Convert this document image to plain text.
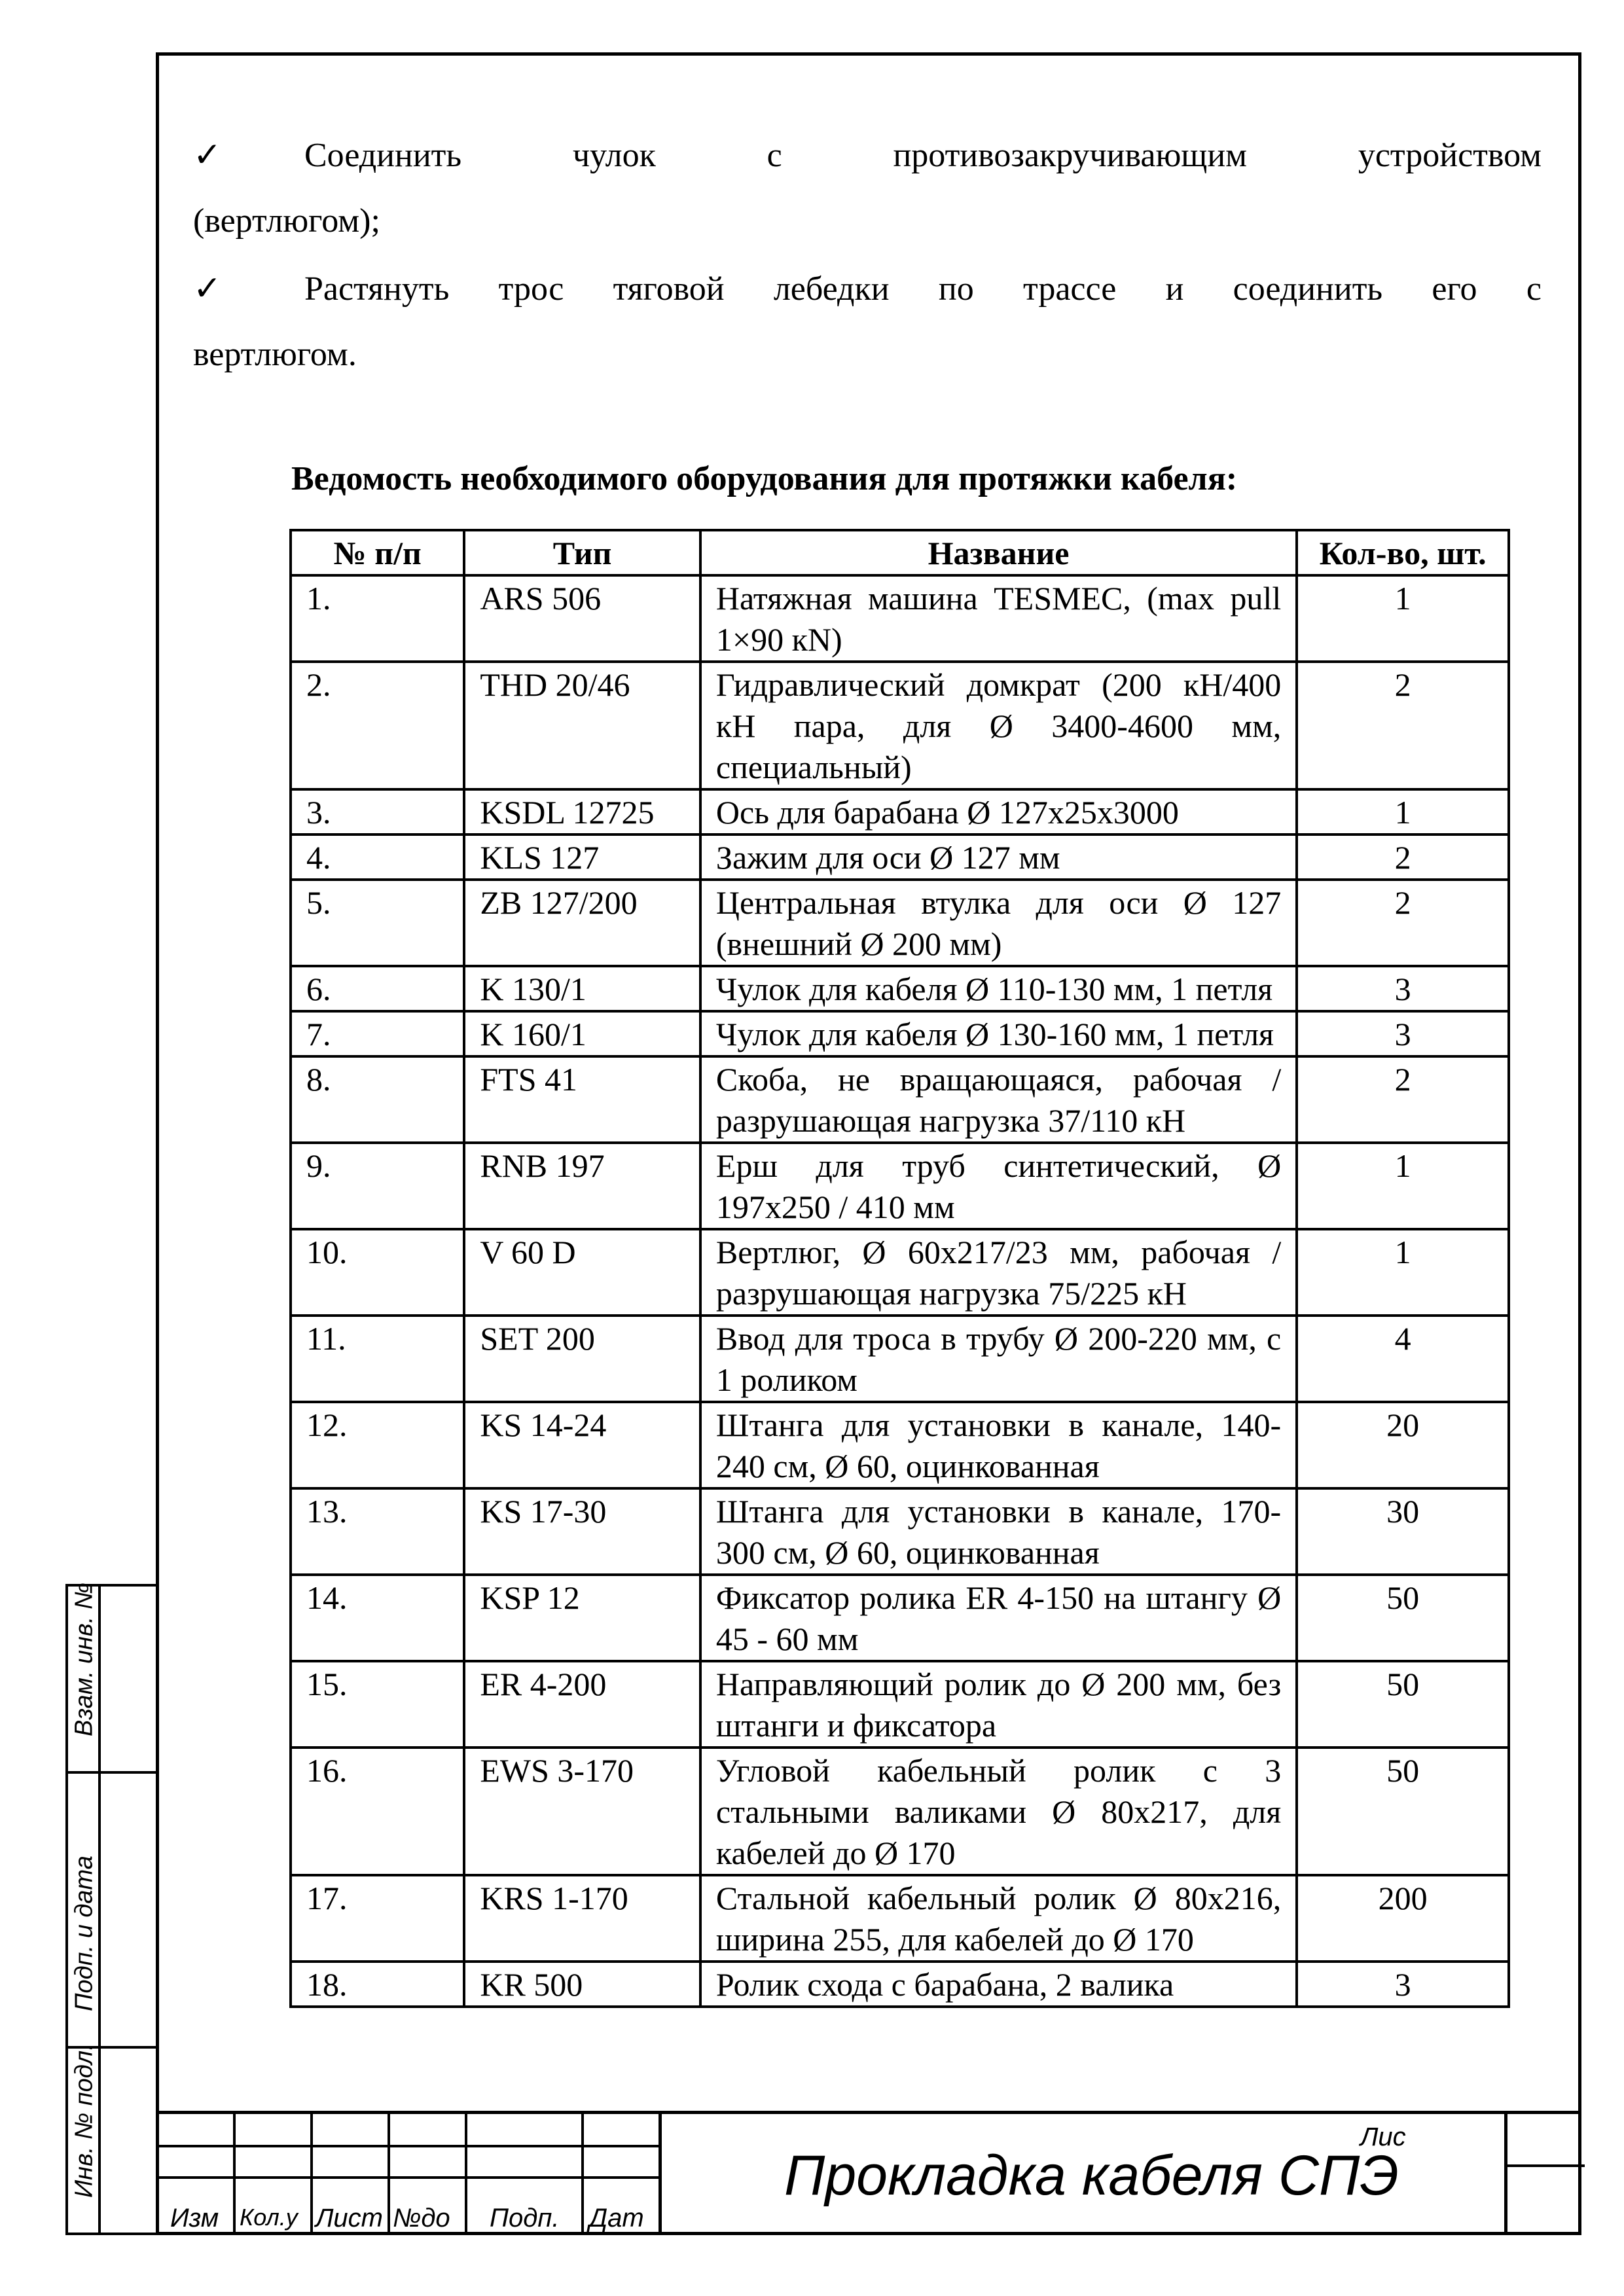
Взам. инв. №
Подп. и дата
Инв. № подл.
✓	Соединить	чулок	с	противозакручивающим	устройством
(вертлюгом);
✓	Растянуть трос тяговой лебедки по трассе и соединить его с
вертлюгом.
Ведомость необходимого оборудования для протяжки кабеля:
№ п/п	Тип	Название	Кол-во, шт.
1.	ARS 506	Натяжная машина TESMEC, (max pull 1×90 кN)	1
2.	THD 20/46	Гидравлический домкрат (200 кН/400 кН пара, для Ø 3400-4600 мм, специальный)	2
3.	KSDL 12725	Ось для барабана Ø 127x25x3000	1
4.	KLS 127	Зажим для оси Ø 127 мм	2
5.	ZB 127/200	Центральная втулка для оси Ø 127 (внешний Ø 200 мм)	2
6.	K 130/1	Чулок для кабеля Ø 110-130 мм, 1 петля	3
7.	K 160/1	Чулок для кабеля Ø 130-160 мм, 1 петля	3
8.	FTS 41	Скоба, не вращающаяся, рабочая / разрушающая нагрузка 37/110 кН	2
9.	RNB 197	Ерш для труб синтетический, Ø 197x250 / 410 мм	1
10.	V 60 D	Вертлюг, Ø 60x217/23 мм, рабочая / разрушающая нагрузка 75/225 кН	1
11.	SET 200	Ввод для троса в трубу Ø 200-220 мм, с 1 роликом	4
12.	KS 14-24	Штанга для установки в канале, 140-240 см, Ø 60, оцинкованная	20
13.	KS 17-30	Штанга для установки в канале, 170-300 см, Ø 60, оцинкованная	30
14.	KSP 12	Фиксатор ролика ER 4-150 на штангу Ø 45 - 60 мм	50
15.	ER 4-200	Направляющий ролик до Ø 200 мм, без штанги и фиксатора	50
16.	EWS 3-170	Угловой кабельный ролик с 3 стальными валиками Ø 80x217, для кабелей до Ø 170	50
17.	KRS 1-170	Стальной кабельный ролик Ø 80x216, ширина 255, для кабелей до Ø 170	200
18.	KR 500	Ролик схода с барабана, 2 валика	3
Изм Кол.у Лист №до Подп. Дат
Прокладка кабеля СПЭ
Лис
